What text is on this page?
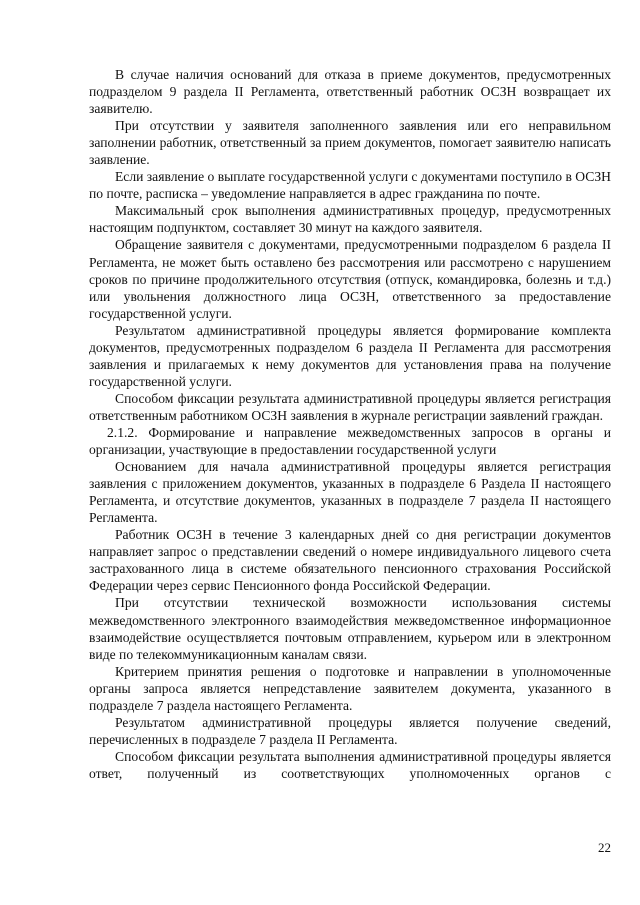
В случае наличия оснований для отказа в приеме документов, предусмотренных подразделом 9 раздела II Регламента, ответственный работник ОСЗН возвращает их заявителю.

При отсутствии у заявителя заполненного заявления или его неправильном заполнении работник, ответственный за прием документов, помогает заявителю написать заявление.

Если заявление о выплате государственной услуги с документами поступило в ОСЗН по почте, расписка – уведомление направляется в адрес гражданина по почте.

Максимальный срок выполнения административных процедур, предусмотренных настоящим подпунктом, составляет 30 минут на каждого заявителя.

Обращение заявителя с документами, предусмотренными подразделом 6 раздела II Регламента, не может быть оставлено без рассмотрения или рассмотрено с нарушением сроков по причине продолжительного отсутствия (отпуск, командировка, болезнь и т.д.) или увольнения должностного лица ОСЗН, ответственного за предоставление государственной услуги.

Результатом административной процедуры является формирование комплекта документов, предусмотренных подразделом 6 раздела II Регламента для рассмотрения заявления и прилагаемых к нему документов для установления права на получение государственной услуги.

Способом фиксации результата административной процедуры является регистрация ответственным работником ОСЗН заявления в журнале регистрации заявлений граждан.

2.1.2. Формирование и направление межведомственных запросов в органы и организации, участвующие в предоставлении государственной услуги

Основанием для начала административной процедуры является регистрация заявления с приложением документов, указанных в подразделе 6 Раздела II настоящего Регламента, и отсутствие документов, указанных в подразделе 7 раздела II настоящего Регламента.

Работник ОСЗН в течение 3 календарных дней со дня регистрации документов направляет запрос о представлении сведений о номере индивидуального лицевого счета застрахованного лица в системе обязательного пенсионного страхования Российской Федерации через сервис Пенсионного фонда Российской Федерации.

При отсутствии технической возможности использования системы межведомственного электронного взаимодействия межведомственное информационное взаимодействие осуществляется почтовым отправлением, курьером или в электронном виде по телекоммуникационным каналам связи.

Критерием принятия решения о подготовке и направлении в уполномоченные органы запроса является непредставление заявителем документа, указанного в подразделе 7 раздела настоящего Регламента.

Результатом административной процедуры является получение сведений, перечисленных в подразделе 7 раздела II Регламента.

Способом фиксации результата выполнения административной процедуры является ответ, полученный из соответствующих уполномоченных органов с

22
